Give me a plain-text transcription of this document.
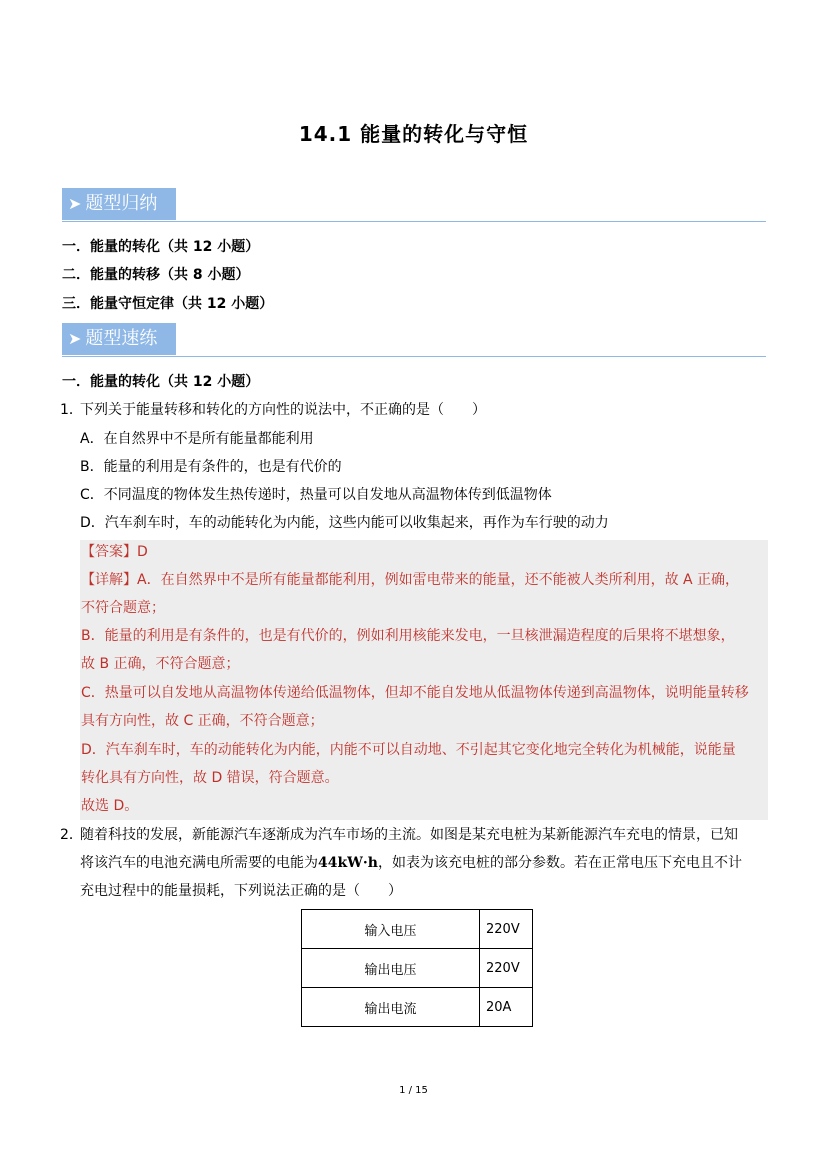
14.1 能量的转化与守恒
➤ 题型归纳
一．能量的转化（共 12 小题）
二．能量的转移（共 8 小题）
三．能量守恒定律（共 12 小题）
➤ 题型速练
一．能量的转化（共 12 小题）
1．
下列关于能量转移和转化的方向性的说法中，不正确的是（　　）
A．在自然界中不是所有能量都能利用
B．能量的利用是有条件的，也是有代价的
C．不同温度的物体发生热传递时，热量可以自发地从高温物体传到低温物体
D．汽车刹车时，车的动能转化为内能，这些内能可以收集起来，再作为车行驶的动力
【答案】D
【详解】A．在自然界中不是所有能量都能利用，例如雷电带来的能量，还不能被人类所利用，故 A 正确，
不符合题意；
B．能量的利用是有条件的，也是有代价的，例如利用核能来发电，一旦核泄漏造程度的后果将不堪想象，
故 B 正确，不符合题意；
C．热量可以自发地从高温物体传递给低温物体，但却不能自发地从低温物体传递到高温物体，说明能量转移
具有方向性，故 C 正确，不符合题意；
D．汽车刹车时，车的动能转化为内能，内能不可以自动地、不引起其它变化地完全转化为机械能，说能量
转化具有方向性，故 D 错误，符合题意。
故选 D。
2．
随着科技的发展，新能源汽车逐渐成为汽车市场的主流。如图是某充电桩为某新能源汽车充电的情景，已知
将该汽车的电池充满电所需要的电能为44kW·h，如表为该充电桩的部分参数。若在正常电压下充电且不计
充电过程中的能量损耗，下列说法正确的是（　　）
输入电压	220V
输出电压	220V
输出电流	20A
1 / 15
